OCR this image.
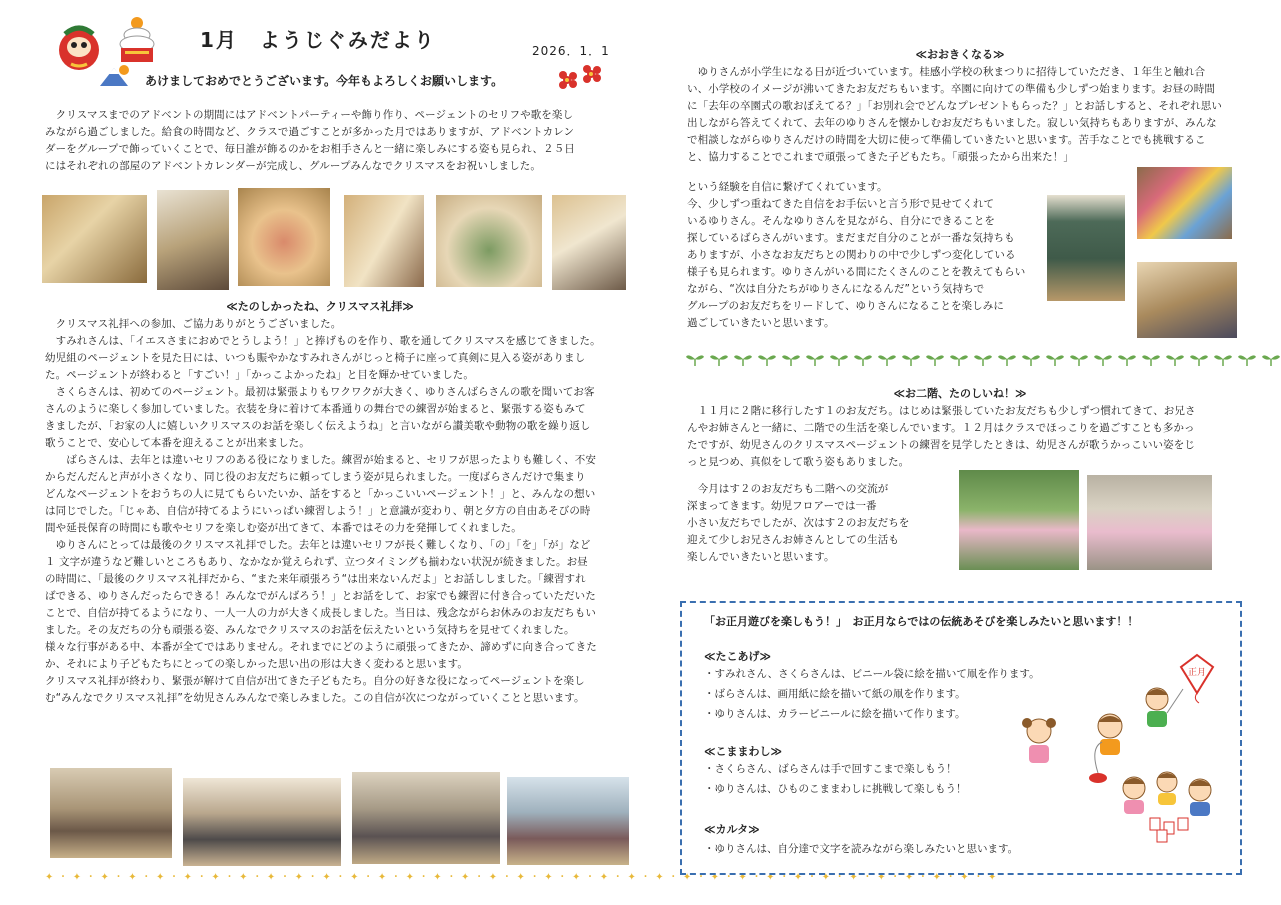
1月　ようじぐみだより	2026．1．1
あけましておめでとうございます。今年もよろしくお願いします。

　クリスマスまでのアドベントの期間にはアドベントパーティーや飾り作り、ページェントのセリフや歌を楽し

みながら過ごしました。給食の時間など、クラスで過ごすことが多かった月ではありますが、アドベントカレン

ダーをグループで飾っていくことで、毎日誰が飾るのかをお相手さんと一緒に楽しみにする姿も見られ、２５日

にはそれぞれの部屋のアドベントカレンダーが完成し、グループみんなでクリスマスをお祝いしました。

≪たのしかったね、クリスマス礼拝≫

　クリスマス礼拝への参加、ご協力ありがとうございました。

　すみれさんは、｢イエスさまにおめでとうしよう！」と捧げものを作り、歌を通してクリスマスを感じてきました。

幼児組のページェントを見た日には、いつも賑やかなすみれさんがじっと椅子に座って真剣に見入る姿がありまし

た。ページェントが終わると「すごい！」「かっこよかったね」と目を輝かせていました。

　さくらさんは、初めてのページェント。最初は緊張よりもワクワクが大きく、ゆりさんばらさんの歌を聞いてお客

さんのように楽しく参加していました。衣装を身に着けて本番通りの舞台での練習が始まると、緊張する姿もみて

きましたが、｢お家の人に嬉しいクリスマスのお話を楽しく伝えようね」と言いながら讃美歌や動物の歌を繰り返し

歌うことで、安心して本番を迎えることが出来ました。

　　ばらさんは、去年とは違いセリフのある役になりました。練習が始まると、セリフが思ったよりも難しく、不安

からだんだんと声が小さくなり、同じ役のお友だちに頼ってしまう姿が見られました。一度ばらさんだけで集まり

どんなページェントをおうちの人に見てもらいたいか、話をすると「かっこいいページェント！」と、みんなの想い

は同じでした。｢じゃあ、自信が持てるようにいっぱい練習しよう！」と意識が変わり、朝と夕方の自由あそびの時

間や延長保育の時間にも歌やセリフを楽しむ姿が出てきて、本番ではその力を発揮してくれました。

　ゆりさんにとっては最後のクリスマス礼拝でした。去年とは違いセリフが長く難しくなり、｢の」｢を」｢が」など

１ 文字が違うなど難しいところもあり、なかなか覚えられず、立つタイミングも揃わない状況が続きました。お昼

の時間に、｢最後のクリスマス礼拝だから、“また来年頑張ろう“は出来ないんだよ」とお話ししました。｢練習すれ

ばできる、ゆりさんだったらできる！みんなでがんばろう！」とお話をして、お家でも練習に付き合っていただいた

ことで、自信が持てるようになり、一人一人の力が大きく成長しました。当日は、残念ながらお休みのお友だちもい

ました。その友だちの分も頑張る姿、みんなでクリスマスのお話を伝えたいという気持ちを見せてくれました。

様々な行事がある中、本番が全てではありません。それまでにどのように頑張ってきたか、諦めずに向き合ってきた

か、それにより子どもたちにとっての楽しかった思い出の形は大きく変わると思います。

クリスマス礼拝が終わり、緊張が解けて自信が出てきた子どもたち。自分の好きな役になってページェントを楽し

む“みんなでクリスマス礼拝”を幼児さんみんなで楽しみました。この自信が次につながっていくことと思います。

✦ ･ ✦ ･ ✦ ･ ✦ ･ ✦ ･ ✦ ･ ✦ ･ ✦ ･ ✦ ･ ✦ ･ ✦ ･ ✦ ･ ✦ ･ ✦ ･ ✦ ･ ✦ ･ ✦ ･ ✦ ･ ✦ ･ ✦ ･ ✦ ･ ✦ ･ ✦ ･ ✦ ･ ✦ ･ ✦ ･ ✦ ･ ✦ ･ ✦ ･ ✦ ･ ✦ ･ ✦ ･ ✦ ･ ✦ ･ ✦
≪おおきくなる≫

　ゆりさんが小学生になる日が近づいています。桂感小学校の秋まつりに招待していただき、１年生と触れ合

い、小学校のイメージが沸いてきたお友だちもいます。卒園に向けての準備も少しずつ始まります。お昼の時間

に「去年の卒園式の歌おぼえてる？」｢お別れ会でどんなプレゼントもらった？」とお話しすると、それぞれ思い

出しながら答えてくれて、去年のゆりさんを懐かしむお友だちもいました。寂しい気持ちもありますが、みんな

で相談しながらゆりさんだけの時間を大切に使って準備していきたいと思います。苦手なことでも挑戦するこ

と、協力することでこれまで頑張ってきた子どもたち。｢頑張ったから出来た！」

という経験を自信に繋げてくれています。

今、少しずつ重ねてきた自信をお手伝いと言う形で見せてくれて

いるゆりさん。そんなゆりさんを見ながら、自分にできることを

探しているばらさんがいます。まだまだ自分のことが一番な気持ちも

ありますが、小さなお友だちとの関わりの中で少しずつ変化している

様子も見られます。ゆりさんがいる間にたくさんのことを教えてもらい

ながら、“次は自分たちがゆりさんになるんだ”という気持ちで

グループのお友だちをリードして、ゆりさんになることを楽しみに

過ごしていきたいと思います。

≪お二階、たのしいね！≫

　１１月に２階に移行したす１のお友だち。はじめは緊張していたお友だちも少しずつ慣れてきて、お兄さ

んやお姉さんと一緒に、二階での生活を楽しんでいます。１２月はクラスでほっこりを過ごすことも多かっ

たですが、幼児さんのクリスマスページェントの練習を見学したときは、幼児さんが歌うかっこいい姿をじ

っと見つめ、真似をして歌う姿もありました。

　今月はす２のお友だちも二階への交流が

深まってきます。幼児フロアーでは一番

小さい友だちでしたが、次はす２のお友だちを

迎えて少しお兄さんお姉さんとしての生活も

楽しんでいきたいと思います。

「お正月遊びを楽しもう！」　お正月ならではの伝統あそびを楽しみたいと思います！！
≪たこあげ≫
・すみれさん、さくらさんは、ビニール袋に絵を描いて凧を作ります。
・ばらさんは、画用紙に絵を描いて紙の凧を作ります。
・ゆりさんは、カラービニールに絵を描いて作ります。
≪こままわし≫
・さくらさん、ばらさんは手で回すこまで楽しもう！
・ゆりさんは、ひものこままわしに挑戦して楽しもう！
≪カルタ≫
・ゆりさんは、自分達で文字を読みながら楽しみたいと思います。
正月
